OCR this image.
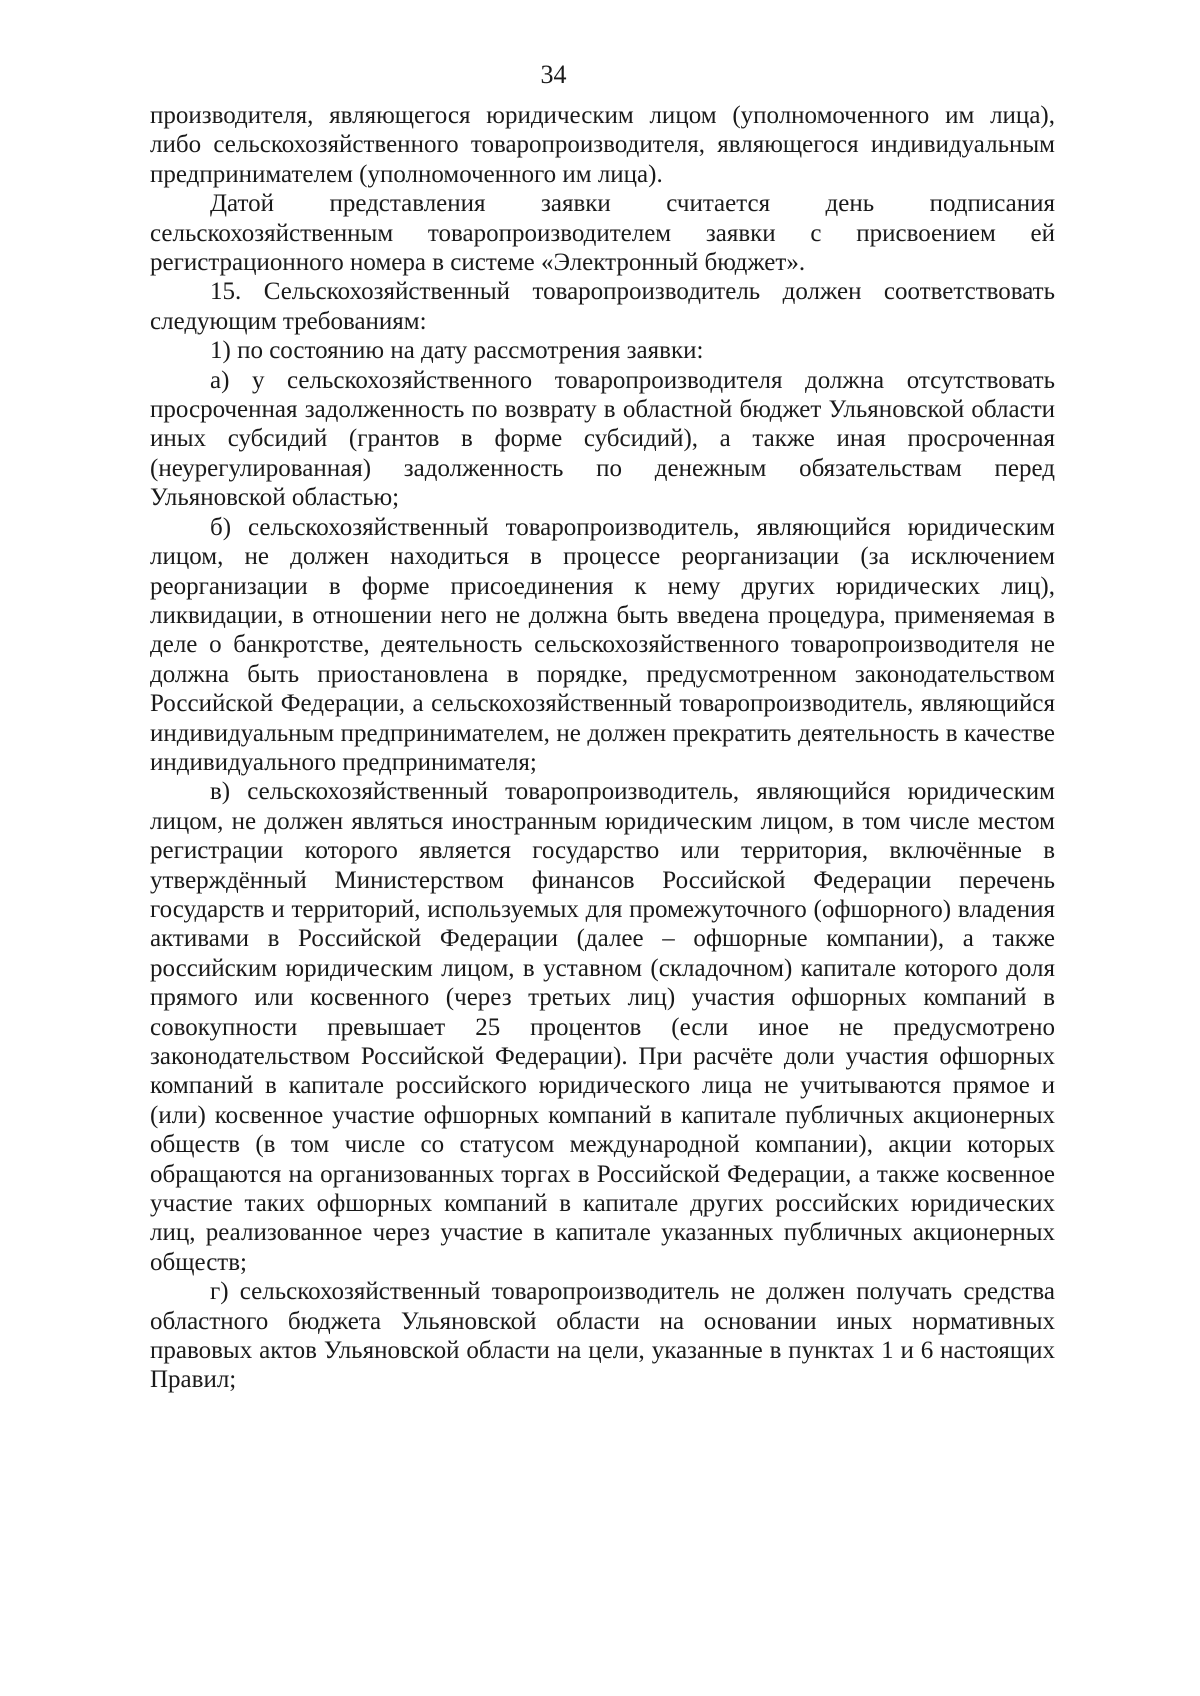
34

производителя, являющегося юридическим лицом (уполномоченного им лица), либо сельскохозяйственного товаропроизводителя, являющегося индивидуальным предпринимателем (уполномоченного им лица).

Датой представления заявки считается день подписания сельскохозяйственным товаропроизводителем заявки с присвоением ей регистрационного номера в системе «Электронный бюджет».

15. Сельскохозяйственный товаропроизводитель должен соответствовать следующим требованиям:

1) по состоянию на дату рассмотрения заявки:

а) у сельскохозяйственного товаропроизводителя должна отсутствовать просроченная задолженность по возврату в областной бюджет Ульяновской области иных субсидий (грантов в форме субсидий), а также иная просроченная (неурегулированная) задолженность по денежным обязательствам перед Ульяновской областью;

б) сельскохозяйственный товаропроизводитель, являющийся юридическим лицом, не должен находиться в процессе реорганизации (за исключением реорганизации в форме присоединения к нему других юридических лиц), ликвидации, в отношении него не должна быть введена процедура, применяемая в деле о банкротстве, деятельность сельскохозяйственного товаропроизводителя не должна быть приостановлена в порядке, предусмотренном законодательством Российской Федерации, а сельскохозяйственный товаропроизводитель, являющийся индивидуальным предпринимателем, не должен прекратить деятельность в качестве индивидуального предпринимателя;

в) сельскохозяйственный товаропроизводитель, являющийся юридическим лицом, не должен являться иностранным юридическим лицом, в том числе местом регистрации которого является государство или территория, включённые в утверждённый Министерством финансов Российской Федерации перечень государств и территорий, используемых для промежуточного (офшорного) владения активами в Российской Федерации (далее – офшорные компании), а также российским юридическим лицом, в уставном (складочном) капитале которого доля прямого или косвенного (через третьих лиц) участия офшорных компаний в совокупности превышает 25 процентов (если иное не предусмотрено законодательством Российской Федерации). При расчёте доли участия офшорных компаний в капитале российского юридического лица не учитываются прямое и (или) косвенное участие офшорных компаний в капитале публичных акционерных обществ (в том числе со статусом международной компании), акции которых обращаются на организованных торгах в Российской Федерации, а также косвенное участие таких офшорных компаний в капитале других российских юридических лиц, реализованное через участие в капитале указанных публичных акционерных обществ;

г) сельскохозяйственный товаропроизводитель не должен получать средства областного бюджета Ульяновской области на основании иных нормативных правовых актов Ульяновской области на цели, указанные в пунктах 1 и 6 настоящих Правил;
